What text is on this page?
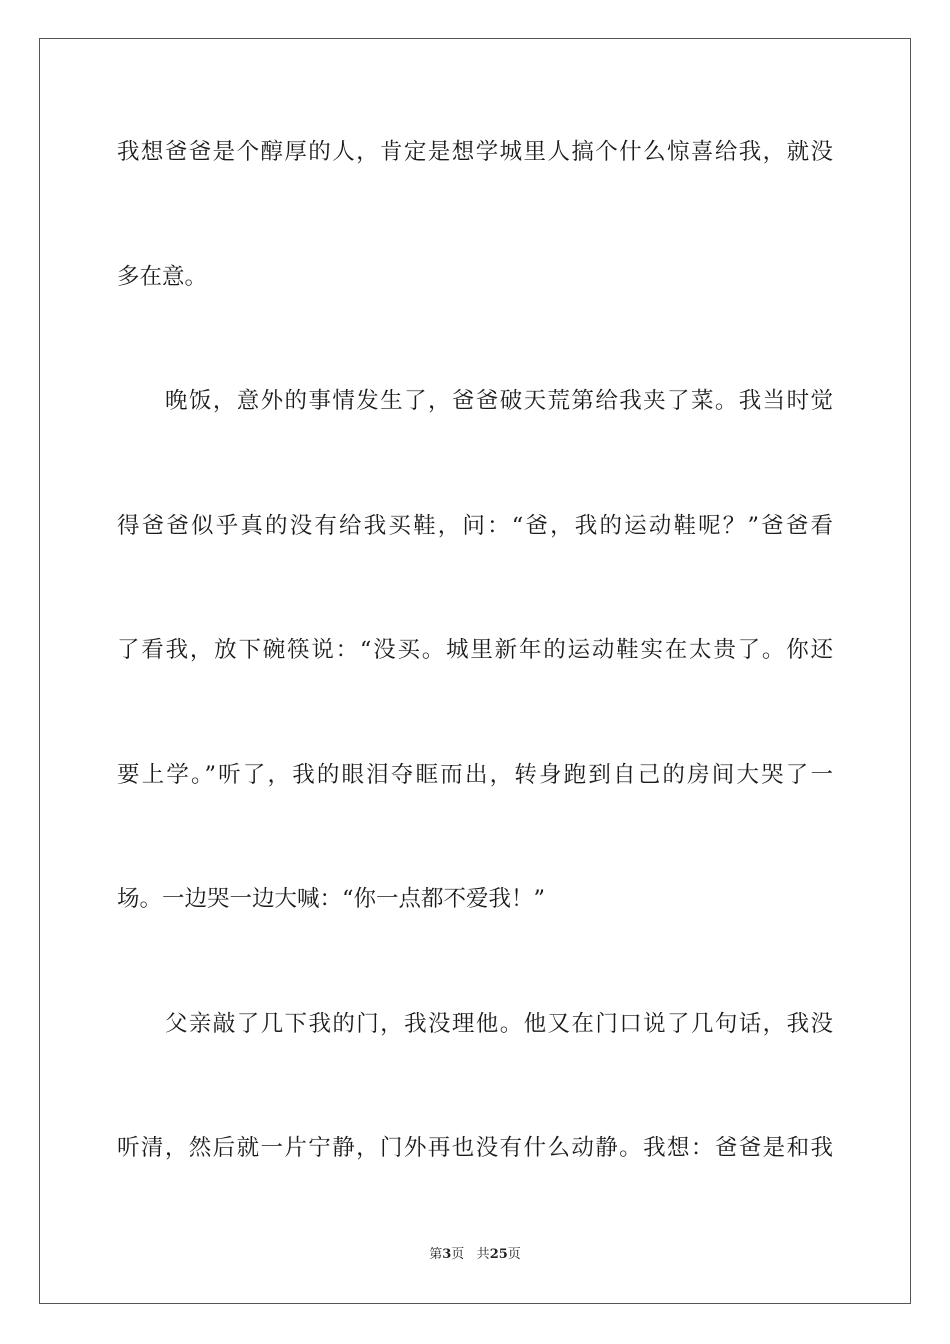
我想爸爸是个醇厚的人，肯定是想学城里人搞个什么惊喜给我，就没
多在意。
晚饭，意外的事情发生了，爸爸破天荒第给我夹了菜。我当时觉
得爸爸似乎真的没有给我买鞋，问：“爸，我的运动鞋呢？”爸爸看
了看我，放下碗筷说：“没买。城里新年的运动鞋实在太贵了。你还
要上学。”听了，我的眼泪夺眶而出，转身跑到自己的房间大哭了一
场。一边哭一边大喊：“你一点都不爱我！”
父亲敲了几下我的门，我没理他。他又在门口说了几句话，我没
听清，然后就一片宁静，门外再也没有什么动静。我想：爸爸是和我
第3页 共25页
